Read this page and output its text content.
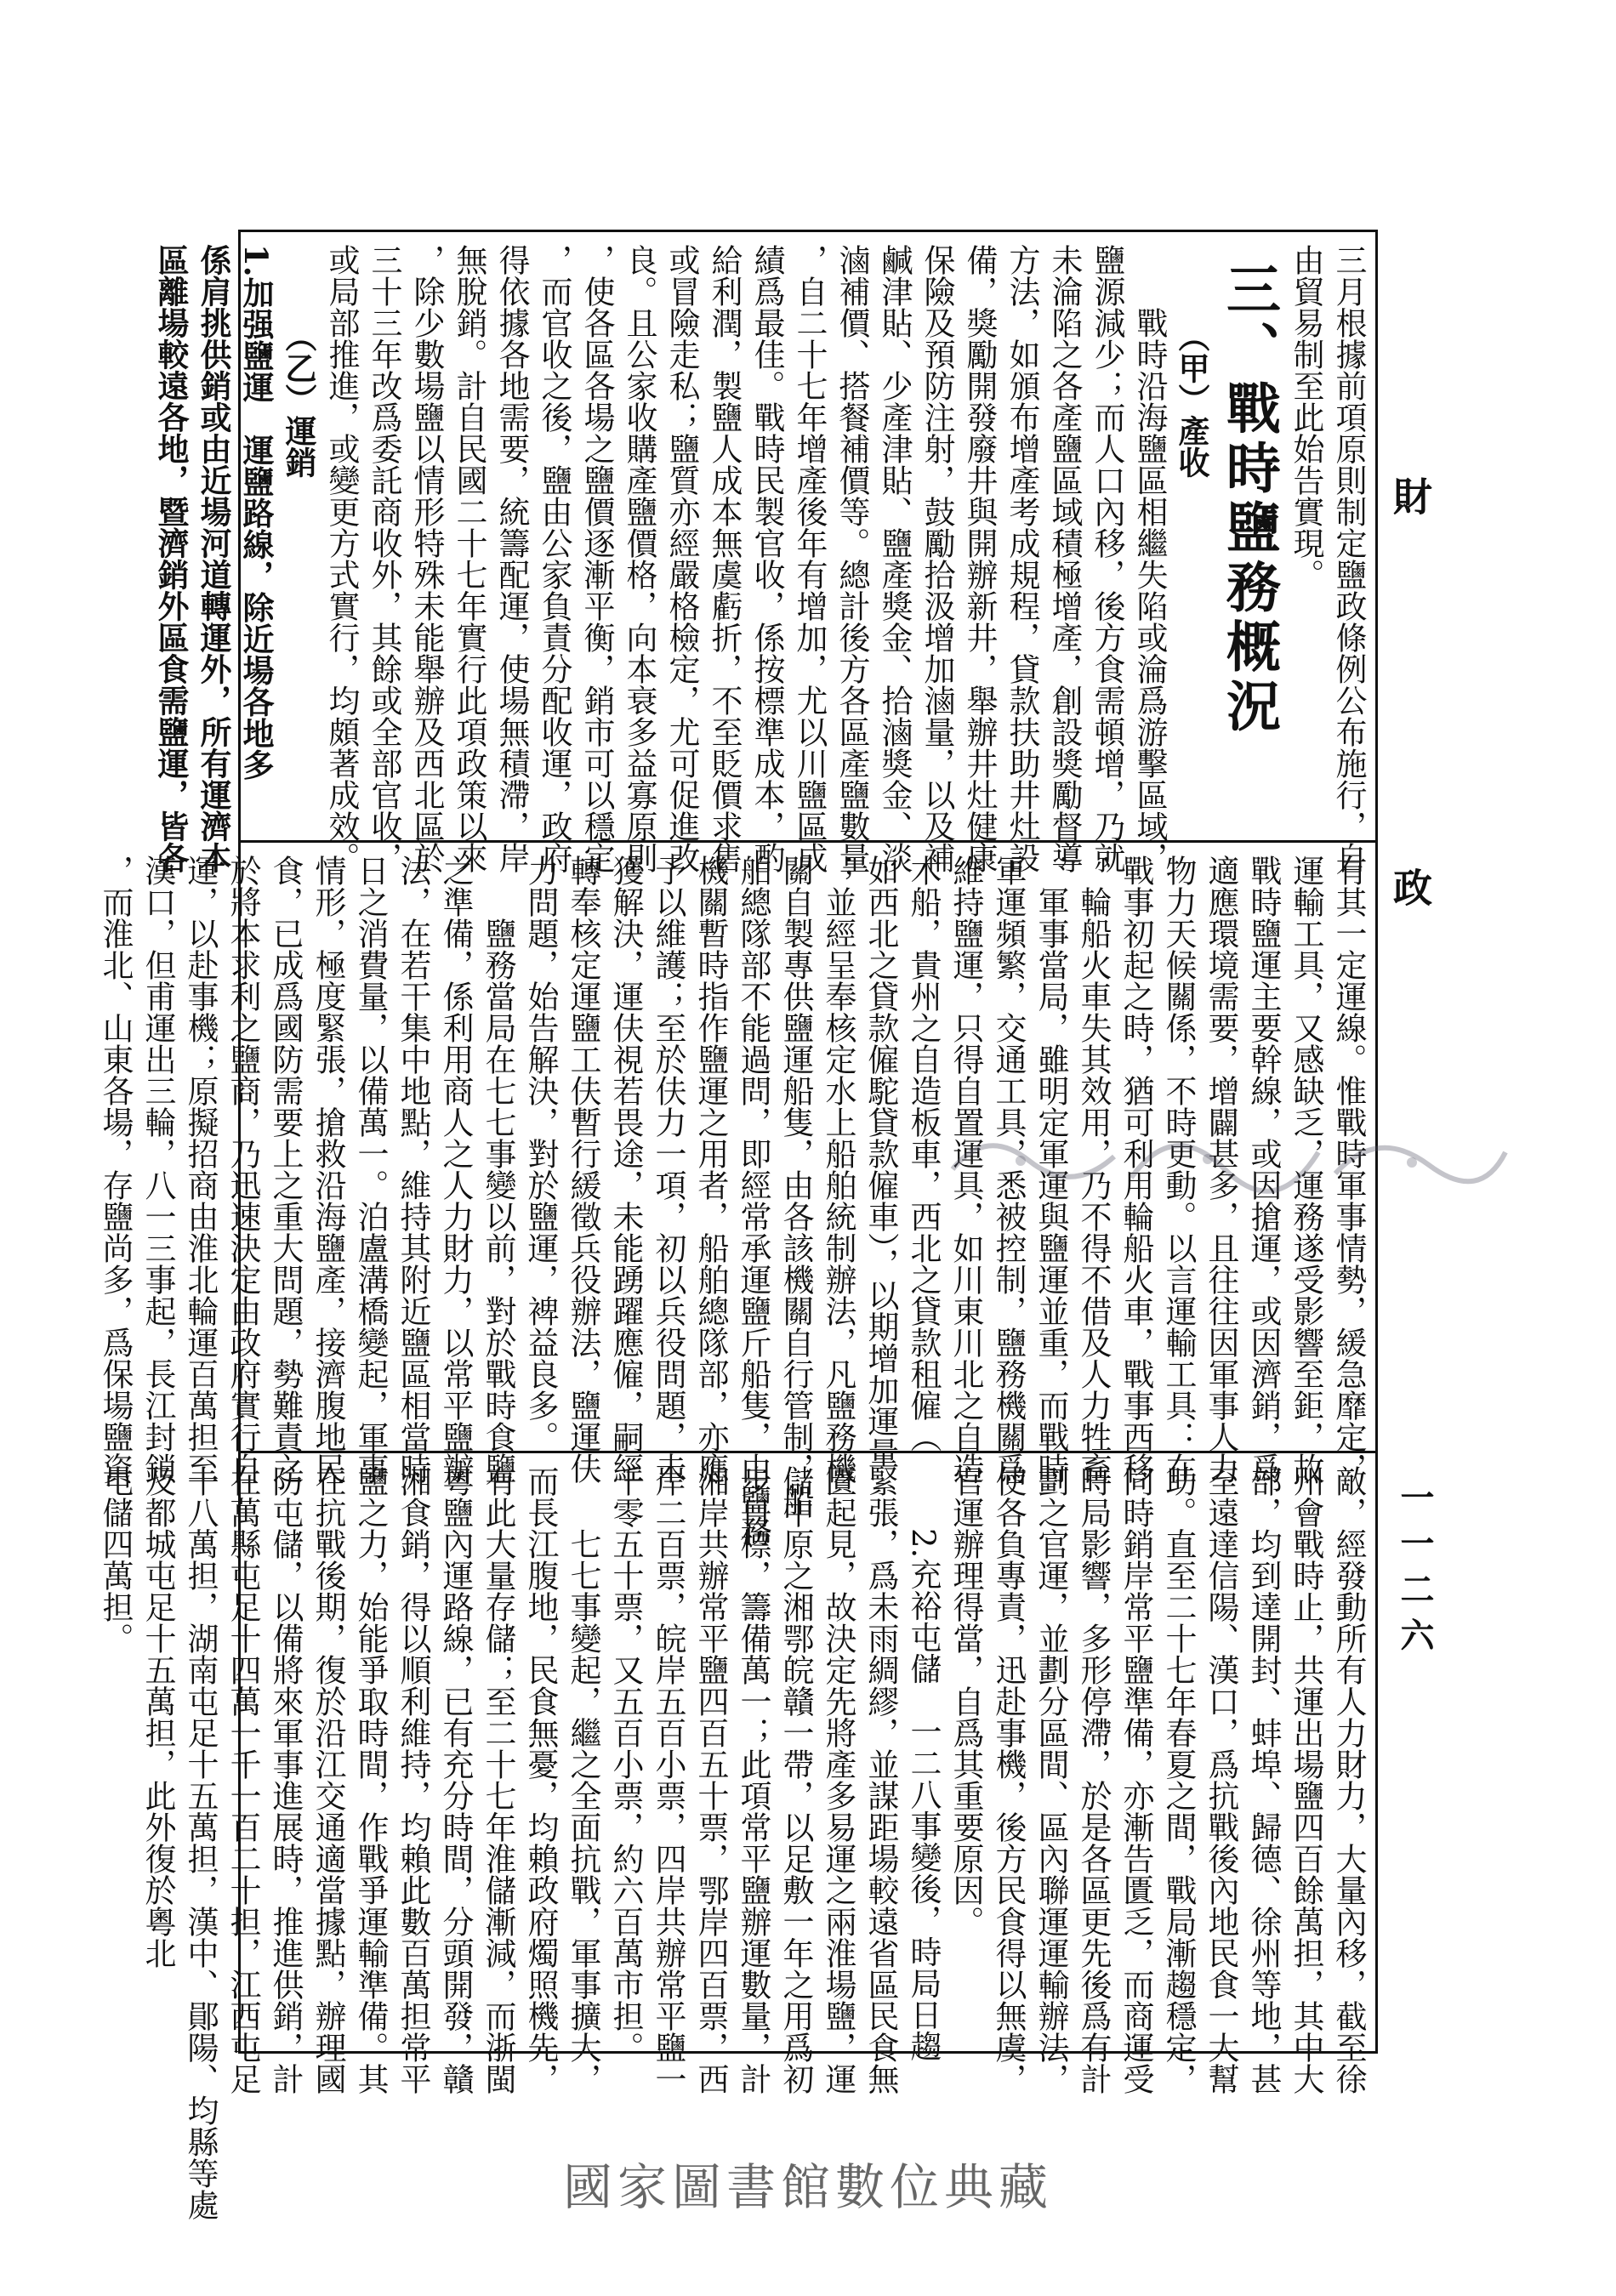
財
政
一一二六
三月根據前項原則制定鹽政條例公布施行，自
由貿易制至此始告實現。
三、戰時鹽務概況
（甲）產收
戰時沿海鹽區相繼失陷或淪爲游擊區域，
鹽源減少；而人口內移，後方食需頓增，乃就
未淪陷之各產鹽區域積極增產，創設獎勵督導
方法，如頒布增產考成規程，貸款扶助井灶設
備，獎勵開發廢井與開辦新井，舉辦井灶健康
保險及預防注射，鼓勵拾汲增加滷量，以及補
鹹津貼、少產津貼、鹽產獎金、拾滷獎金、淡
滷補價、搭餐補價等。總計後方各區產鹽數量
，自二十七年增產後年有增加，尤以川鹽區成
績爲最佳。戰時民製官收，係按標準成本，酌
給利潤，製鹽人成本無虞虧折，不至貶價求售
或冒險走私；鹽質亦經嚴格檢定，尤可促進改
良。且公家收購產鹽價格，向本衰多益寡原則
，使各區各場之鹽價逐漸平衡，銷市可以穩定
，而官收之後，鹽由公家負責分配收運，政府
得依據各地需要，統籌配運，使場無積滯，岸
無脫銷。計自民國二十七年實行此項政策以來
，除少數場鹽以情形特殊未能舉辦及西北區於
三十三年改爲委託商收外，其餘或全部官收，
或局部推進，或變更方式實行，均頗著成效。
（乙）運銷
1.加强鹽運　運鹽路線，除近場各地多
係肩挑供銷或由近場河道轉運外，所有運濟本
區離場較遠各地，暨濟銷外區食需鹽運，皆各
有其一定運線。惟戰時軍事情勢，緩急靡定，
運輸工具，又感缺乏，運務遂受影響至鉅，故
戰時鹽運主要幹線，或因搶運，或因濟銷，爲
適應環境需要，增闢甚多，且往往因軍事人力
物力天候關係，不時更動。以言運輸工具：在
戰事初起之時，猶可利用輪船火車，戰事西移
，輪船火車失其效用，乃不得不借及人力牲畜
，軍事當局，雖明定軍運與鹽運並重，而戰時
軍運頻繁，交通工具，悉被控制，鹽務機關爲
維持鹽運，只得自置運具，如川東川北之自造
木船，貴州之自造板車，西北之貸款租僱（
如西北之貸款僱駝貸款僱車），以期增加運量
；並經呈奉核定水上船舶統制辦法，凡鹽務機
關自製專供鹽運船隻，由各該機關自行管制，船
舶總隊部不能過問，即經常承運鹽斤船隻，由鹽務
機關暫時指作鹽運之用者，船舶總隊部，亦應
予以維護；至於伕力一項，初以兵役問題，未
獲解決，運伕視若畏途，未能踴躍應僱，嗣經
轉奉核定運鹽工伕暫行緩徵兵役辦法，鹽運伕
力問題，始告解決，對於鹽運，裨益良多。
鹽務當局在七七事變以前，對於戰時食鹽
之準備，係利用商人之人力財力，以常平鹽辦
法，在若干集中地點，維持其附近鹽區相當時
日之消費量，以備萬一。泊盧溝橋變起，軍事
情形，極度緊張，搶救沿海鹽產，接濟腹地民
食，已成爲國防需要上之重大問題，勢難責之
於將本求利之鹽商，乃迅速決定由政府實行自
運，以赴事機；原擬招商由淮北輪運百萬担至
漢口，但甫運出三輪，八一三事起，長江封鎖
，而淮北、山東各場，存鹽尚多，爲保場鹽資
敵，經發動所有人力財力，大量內移，截至徐
州會戰時止，共運出場鹽四百餘萬担，其中大
部，均到達開封、蚌埠、歸德、徐州等地，甚
至遠達信陽、漢口，爲抗戰後內地民食一大幫
助。直至二十七年春夏之間，戰局漸趨穩定，
同時銷岸常平鹽準備，亦漸告匱乏，而商運受
時局影響，多形停滯，於是各區更先後爲有計
劃之官運，並劃分區間、區內聯運運輸辦法，
使各負專責，迅赴事機，後方民食得以無虞，
官運辦理得當，自爲其重要原因。
2.充裕屯儲　一二八事變後，時局日趨
緊張，爲未雨綢繆，並謀距場較遠省區民食無
匱起見，故決定先將產多易運之兩淮場鹽，運
儲中原之湘鄂皖贛一帶，以足敷一年之用爲初
步目標，籌備萬一；此項常平鹽辦運數量，計
湘岸共辦常平鹽四百五十票，鄂岸四百票，西
岸二百票，皖岸五百小票，四岸共辦常平鹽一
千零五十票，又五百小票，約六百萬市担。
七七事變起，繼之全面抗戰，軍事擴大，
而長江腹地，民食無憂，均賴政府燭照機先，
有此大量存儲；至二十七年淮儲漸減，而浙閩
粵鹽內運路線，已有充分時間，分頭開發，贛
湘食銷，得以順利維持，均賴此數百萬担常平
鹽之力，始能爭取時間，作戰爭運輸準備。其
在抗戰後期，復於沿江交通適當據點，辦理國
防屯儲，以備將來軍事進展時，推進供銷，計
在萬縣屯足十四萬一千一百二十担，江西屯足
十八萬担，湖南屯足十五萬担，漢中、鄖陽、均縣等處
及都城屯足十五萬担，此外復於粵北
屯儲四萬担。
國家圖書館數位典藏
